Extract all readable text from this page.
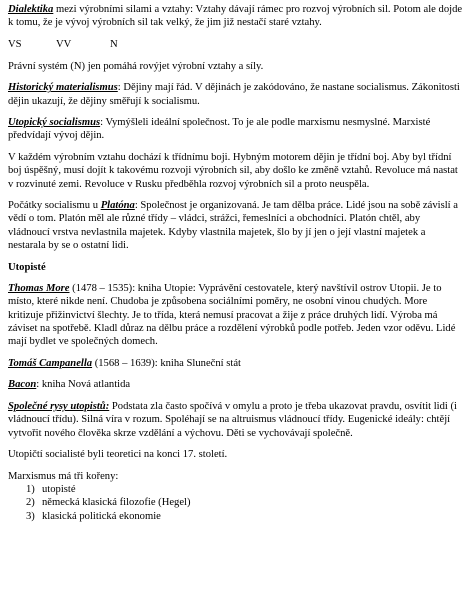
Dialektika mezi výrobními silami a vztahy: Vztahy dávají rámec pro rozvoj výrobních sil. Potom ale dojde k tomu, že je vývoj výrobních sil tak velký, že jim již nestačí staré vztahy.

VS	VV	N

Právní systém (N) jen pomáhá rovýjet výrobní vztahy a síly.

Historický materialismus: Dějiny mají řád. V dějinách je zakódováno, že nastane socialismus. Zákonitosti dějin ukazují, že dějiny směřují k socialismu.

Utopický socialismus: Vymýšleli ideální společnost. To je ale podle marxismu nesmyslné. Marxisté předvídají vývoj dějin.

V každém výrobním vztahu dochází k třídnímu boji. Hybným motorem dějin je třídní boj. Aby byl třídní boj úspěšný, musí dojít k takovému rozvoji výrobních sil, aby došlo ke změně vztahů. Revoluce má nastat v rozvinuté zemi. Revoluce v Rusku předběhla rozvoj výrobních sil a proto neuspěla.

Počátky socialismu u Platóna: Společnost je organizovaná. Je tam dělba práce. Lidé jsou na sobě závislí a vědí o tom. Platón měl ale různé třídy – vládci, strážci, řemeslníci a obchodníci. Platón chtěl, aby vládnoucí vrstva nevlastnila majetek. Kdyby vlastnila majetek, šlo by jí jen o její vlastní majetek a nestarala by se o ostatní lidi.

Utopisté

Thomas More (1478 – 1535): kniha Utopie: Vyprávění cestovatele, který navštívil ostrov Utopii. Je to místo, které nikde není. Chudoba je způsobena sociálními poměry, ne osobní vinou chudých. More kritizuje přižinvictví šlechty. Je to třída, která nemusí pracovat a žije z práce druhých lidí. Výroba má záviset na spotřebě. Kladl důraz na dělbu práce a rozdělení výrobků podle potřeb. Jeden vzor oděvu. Lidé mají bydlet ve společných domech.

Tomáš Campanella (1568 – 1639): kniha Sluneční stát

Bacon: kniha Nová atlantida

Společné rysy utopistů: Podstata zla často spočívá v omylu a proto je třeba ukazovat pravdu, osvítit lidi (i vládnoucí třídu). Silná víra v rozum. Spoléhají se na altruismus vládnoucí třídy. Eugenické ideály: chtějí vytvořit nového člověka skrze vzdělání a výchovu. Děti se vychovávají společně.

Utopičtí socialisté byli teoretici na konci 17. století.

Marxismus má tři kořeny:
1) utopisté
2) německá klasická filozofie (Hegel)
3) klasická politická ekonomie
